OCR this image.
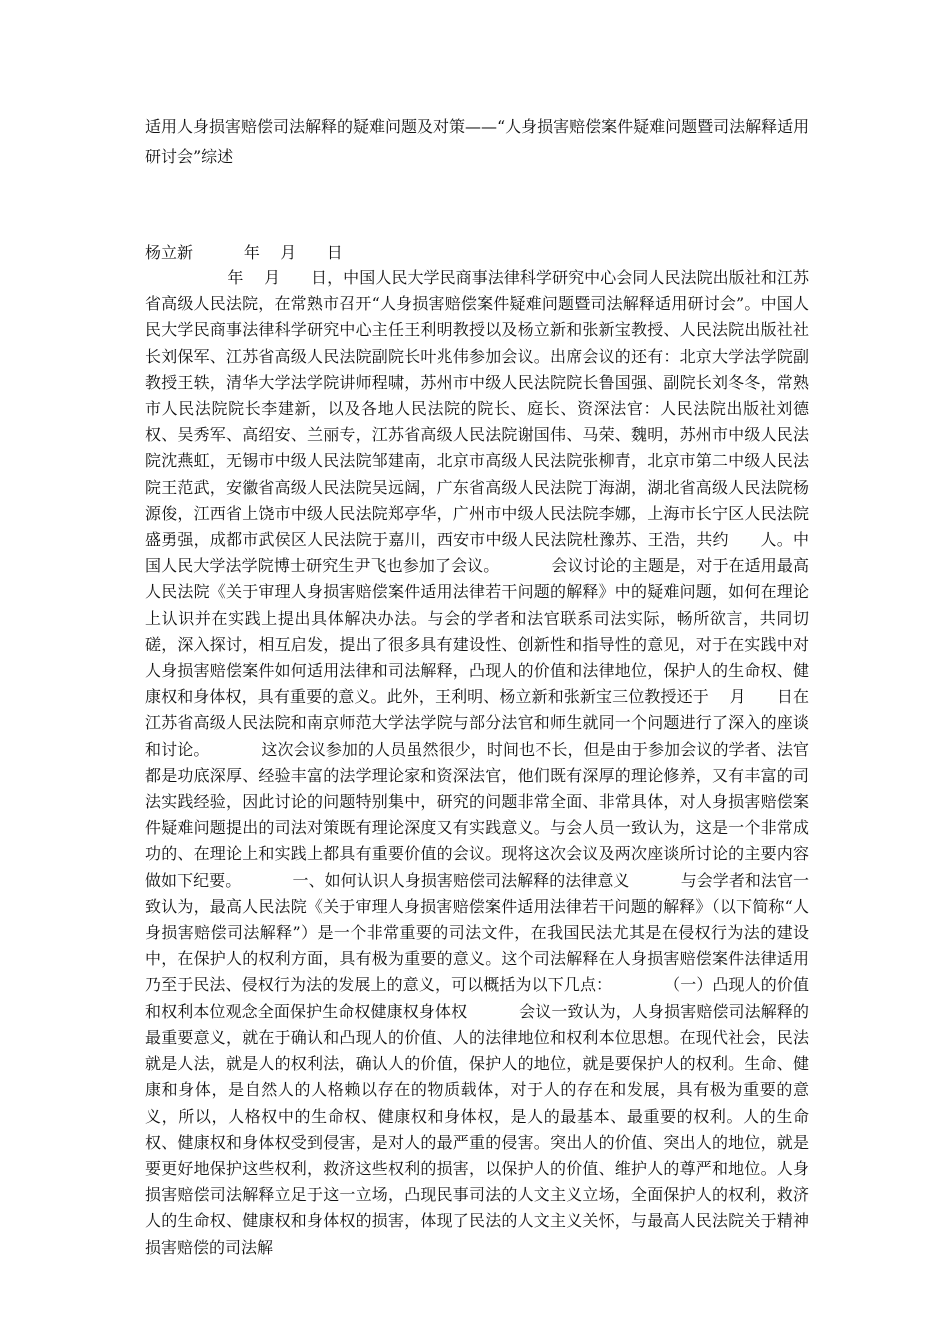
适用人身损害赔偿司法解释的疑难问题及对策——“人身损害赔偿案件疑难问题暨司法解释适用研讨会”综述
杨立新          年    月      日

年    月      日，中国人民大学民商事法律科学研究中心会同人民法院出版社和江苏省高级人民法院，在常熟市召开“人身损害赔偿案件疑难问题暨司法解释适用研讨会”。中国人民大学民商事法律科学研究中心主任王利明教授以及杨立新和张新宝教授、人民法院出版社社长刘保军、江苏省高级人民法院副院长叶兆伟参加会议。出席会议的还有：北京大学法学院副教授王轶，清华大学法学院讲师程啸，苏州市中级人民法院院长鲁国强、副院长刘冬冬，常熟市人民法院院长李建新，以及各地人民法院的院长、庭长、资深法官：人民法院出版社刘德权、吴秀军、高绍安、兰丽专，江苏省高级人民法院谢国伟、马荣、魏明，苏州市中级人民法院沈燕虹，无锡市中级人民法院邹建南，北京市高级人民法院张柳青，北京市第二中级人民法院王范武，安徽省高级人民法院吴远阔，广东省高级人民法院丁海湖，湖北省高级人民法院杨源俊，江西省上饶市中级人民法院郑亭华，广州市中级人民法院李娜，上海市长宁区人民法院盛勇强，成都市武侯区人民法院于嘉川，西安市中级人民法院杜豫苏、王浩，共约      人。中国人民大学法学院博士研究生尹飞也参加了会议。          会议讨论的主题是，对于在适用最高人民法院《关于审理人身损害赔偿案件适用法律若干问题的解释》中的疑难问题，如何在理论上认识并在实践上提出具体解决办法。与会的学者和法官联系司法实际，畅所欲言，共同切磋，深入探讨，相互启发，提出了很多具有建设性、创新性和指导性的意见，对于在实践中对人身损害赔偿案件如何适用法律和司法解释，凸现人的价值和法律地位，保护人的生命权、健康权和身体权，具有重要的意义。此外，王利明、杨立新和张新宝三位教授还于    月      日在江苏省高级人民法院和南京师范大学法学院与部分法官和师生就同一个问题进行了深入的座谈和讨论。          这次会议参加的人员虽然很少，时间也不长，但是由于参加会议的学者、法官都是功底深厚、经验丰富的法学理论家和资深法官，他们既有深厚的理论修养，又有丰富的司法实践经验，因此讨论的问题特别集中，研究的问题非常全面、非常具体，对人身损害赔偿案件疑难问题提出的司法对策既有理论深度又有实践意义。与会人员一致认为，这是一个非常成功的、在理论上和实践上都具有重要价值的会议。现将这次会议及两次座谈所讨论的主要内容做如下纪要。          一、如何认识人身损害赔偿司法解释的法律意义          与会学者和法官一致认为，最高人民法院《关于审理人身损害赔偿案件适用法律若干问题的解释》（以下简称“人身损害赔偿司法解释”）是一个非常重要的司法文件，在我国民法尤其是在侵权行为法的建设中，在保护人的权利方面，具有极为重要的意义。这个司法解释在人身损害赔偿案件法律适用乃至于民法、侵权行为法的发展上的意义，可以概括为以下几点：          （一）凸现人的价值和权利本位观念全面保护生命权健康权身体权          会议一致认为，人身损害赔偿司法解释的最重要意义，就在于确认和凸现人的价值、人的法律地位和权利本位思想。在现代社会，民法就是人法，就是人的权利法，确认人的价值，保护人的地位，就是要保护人的权利。生命、健康和身体，是自然人的人格赖以存在的物质载体，对于人的存在和发展，具有极为重要的意义，所以，人格权中的生命权、健康权和身体权，是人的最基本、最重要的权利。人的生命权、健康权和身体权受到侵害，是对人的最严重的侵害。突出人的价值、突出人的地位，就是要更好地保护这些权利，救济这些权利的损害，以保护人的价值、维护人的尊严和地位。人身损害赔偿司法解释立足于这一立场，凸现民事司法的人文主义立场，全面保护人的权利，救济人的生命权、健康权和身体权的损害，体现了民法的人文主义关怀，与最高人民法院关于精神损害赔偿的司法解
